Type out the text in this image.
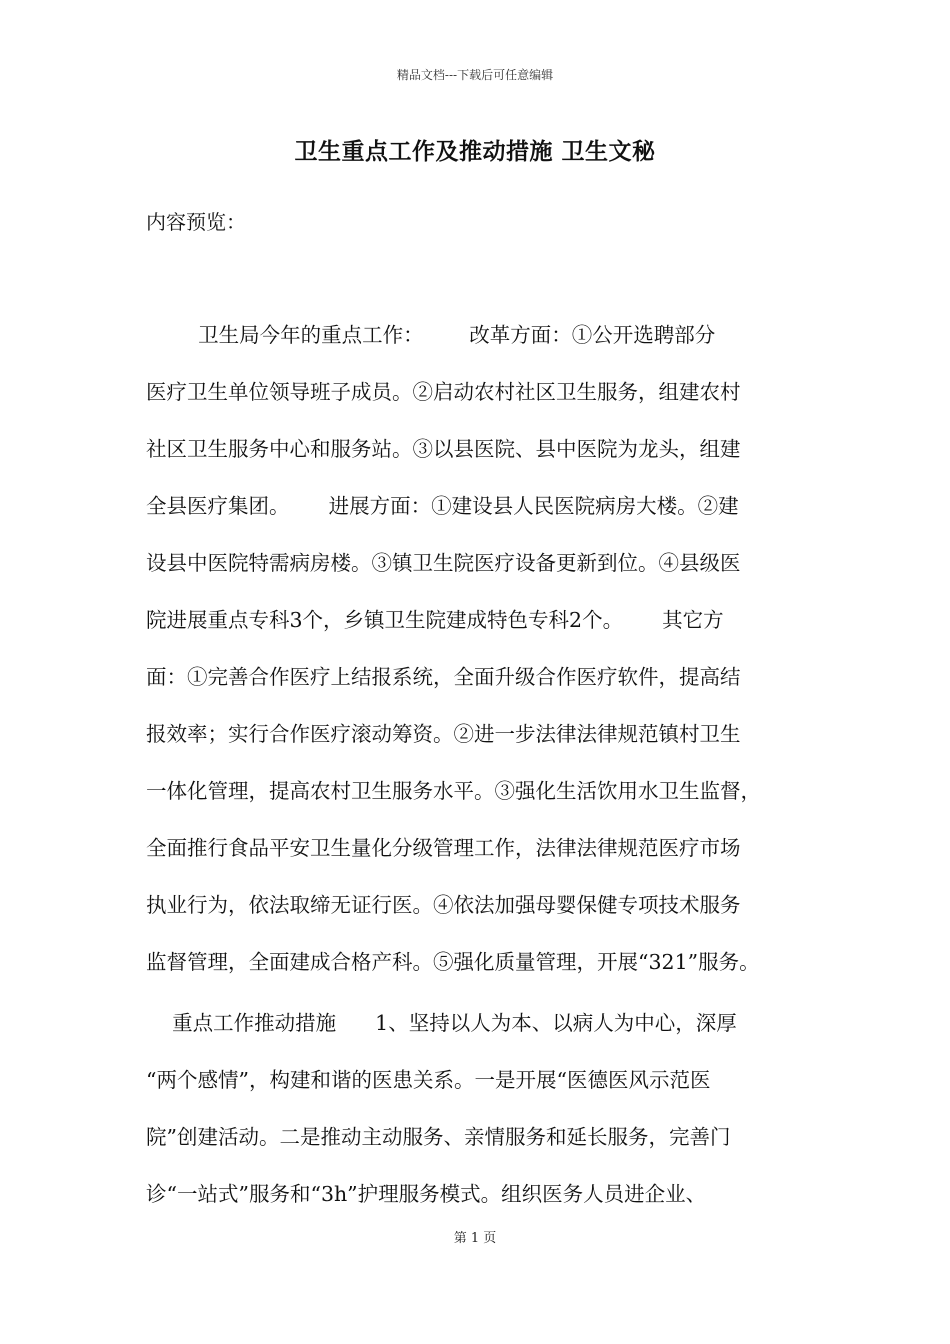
精品文档---下载后可任意编辑
卫生重点工作及推动措施 卫生文秘
内容预览：
卫生局今年的重点工作：       改革方面：①公开选聘部分
医疗卫生单位领导班子成员。②启动农村社区卫生服务，组建农村
社区卫生服务中心和服务站。③以县医院、县中医院为龙头，组建
全县医疗集团。      进展方面：①建设县人民医院病房大楼。②建
设县中医院特需病房楼。③镇卫生院医疗设备更新到位。④县级医
院进展重点专科3个，乡镇卫生院建成特色专科2个。      其它方
面：①完善合作医疗上结报系统，全面升级合作医疗软件，提高结
报效率；实行合作医疗滚动筹资。②进一步法律法律规范镇村卫生
一体化管理，提高农村卫生服务水平。③强化生活饮用水卫生监督，
全面推行食品平安卫生量化分级管理工作，法律法律规范医疗市场
执业行为，依法取缔无证行医。④依法加强母婴保健专项技术服务
监督管理，全面建成合格产科。⑤强化质量管理，开展“321”服务。
重点工作推动措施      1、坚持以人为本、以病人为中心，深厚
“两个感情”，构建和谐的医患关系。一是开展“医德医风示范医
院”创建活动。二是推动主动服务、亲情服务和延长服务，完善门
诊“一站式”服务和“3h”护理服务模式。组织医务人员进企业、
第 1 页
